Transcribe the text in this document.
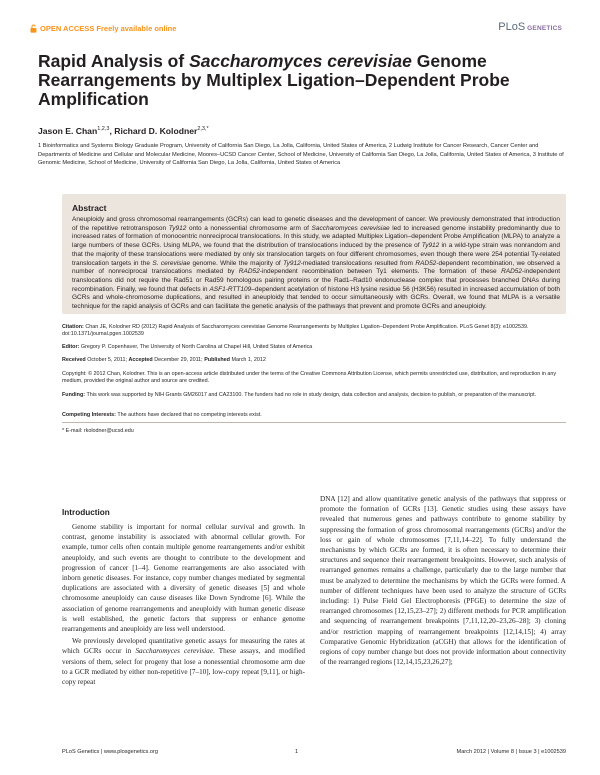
OPEN ACCESS Freely available online	PLoS GENETICS
Rapid Analysis of Saccharomyces cerevisiae Genome Rearrangements by Multiplex Ligation–Dependent Probe Amplification
Jason E. Chan$^{1,2,3}$, Richard D. Kolodner$^{2,3,*}$
1 Bioinformatics and Systems Biology Graduate Program, University of California San Diego, La Jolla, California, United States of America, 2 Ludwig Institute for Cancer Research, Cancer Center and Departments of Medicine and Cellular and Molecular Medicine, Moores–UCSD Cancer Center, School of Medicine, University of California San Diego, La Jolla, California, United States of America, 3 Institute of Genomic Medicine, School of Medicine, University of California San Diego, La Jolla, California, United States of America
Abstract
Aneuploidy and gross chromosomal rearrangements (GCRs) can lead to genetic diseases and the development of cancer. We previously demonstrated that introduction of the repetitive retrotransposon Ty912 onto a nonessential chromosome arm of Saccharomyces cerevisiae led to increased genome instability predominantly due to increased rates of formation of monocentric nonreciprocal translocations. In this study, we adapted Multiplex Ligation–dependent Probe Amplification (MLPA) to analyze a large numbers of these GCRs. Using MLPA, we found that the distribution of translocations induced by the presence of Ty912 in a wild-type strain was nonrandom and that the majority of these translocations were mediated by only six translocation targets on four different chromosomes, even though there were 254 potential Ty-related translocation targets in the S. cerevisiae genome. While the majority of Ty912-mediated translocations resulted from RAD52-dependent recombination, we observed a number of nonreciprocal translocations mediated by RAD52-independent recombination between Ty1 elements. The formation of these RAD52-independent translocations did not require the Rad51 or Rad59 homologous pairing proteins or the Rad1–Rad10 endonuclease complex that processes branched DNAs during recombination. Finally, we found that defects in ASF1-RTT109–dependent acetylation of histone H3 lysine residue 56 (H3K56) resulted in increased accumulation of both GCRs and whole-chromosome duplications, and resulted in aneuploidy that tended to occur simultaneously with GCRs. Overall, we found that MLPA is a versatile technique for the rapid analysis of GCRs and can facilitate the genetic analysis of the pathways that prevent and promote GCRs and aneuploidy.
Citation: Chan JE, Kolodner RD (2012) Rapid Analysis of Saccharomyces cerevisiae Genome Rearrangements by Multiplex Ligation–Dependent Probe Amplification. PLoS Genet 8(3): e1002539. doi:10.1371/journal.pgen.1002539
Editor: Gregory P. Copenhaver, The University of North Carolina at Chapel Hill, United States of America
Received October 5, 2011; Accepted December 29, 2011; Published March 1, 2012
Copyright: © 2012 Chan, Kolodner. This is an open-access article distributed under the terms of the Creative Commons Attribution License, which permits unrestricted use, distribution, and reproduction in any medium, provided the original author and source are credited.
Funding: This work was supported by NIH Grants GM26017 and CA23100. The funders had no role in study design, data collection and analysis, decision to publish, or preparation of the manuscript.
Competing Interests: The authors have declared that no competing interests exist.
* E-mail: rkolodner@ucsd.edu
Introduction

Genome stability is important for normal cellular survival and growth. In contrast, genome instability is associated with abnormal cellular growth. For example, tumor cells often contain multiple genome rearrangements and/or exhibit aneuploidy, and such events are thought to contribute to the development and progression of cancer [1–4]. Genome rearrangements are also associated with inborn genetic diseases. For instance, copy number changes mediated by segmental duplications are associated with a diversity of genetic diseases [5] and whole chromosome aneuploidy can cause diseases like Down Syndrome [6]. While the association of genome rearrangements and aneuploidy with human genetic disease is well established, the genetic factors that suppress or enhance genome rearrangements and aneuploidy are less well understood.

We previously developed quantitative genetic assays for measuring the rates at which GCRs occur in Saccharomyces cerevisiae. These assays, and modified versions of them, select for progeny that lose a nonessential chromosome arm due to a GCR mediated by either non-repetitive [7–10], low-copy repeat [9,11], or high-copy repeat

DNA [12] and allow quantitative genetic analysis of the pathways that suppress or promote the formation of GCRs [13]. Genetic studies using these assays have revealed that numerous genes and pathways contribute to genome stability by suppressing the formation of gross chromosomal rearrangements (GCRs) and/or the loss or gain of whole chromosomes [7,11,14–22]. To fully understand the mechanisms by which GCRs are formed, it is often necessary to determine their structures and sequence their rearrangement breakpoints. However, such analysis of rearranged genomes remains a challenge, particularly due to the large number that must be analyzed to determine the mechanisms by which the GCRs were formed. A number of different techniques have been used to analyze the structure of GCRs including: 1) Pulse Field Gel Electrophoresis (PFGE) to determine the size of rearranged chromosomes [12,15,23–27]; 2) different methods for PCR amplification and sequencing of rearrangement breakpoints [7,11,12,20–23,26–28]; 3) cloning and/or restriction mapping of rearrangement breakpoints [12,14,15]; 4) array Comparative Genomic Hybridization (aCGH) that allows for the identification of regions of copy number change but does not provide information about connectivity of the rearranged regions [12,14,15,23,26,27];
PLoS Genetics | www.plosgenetics.org	1	March 2012 | Volume 8 | Issue 3 | e1002539
